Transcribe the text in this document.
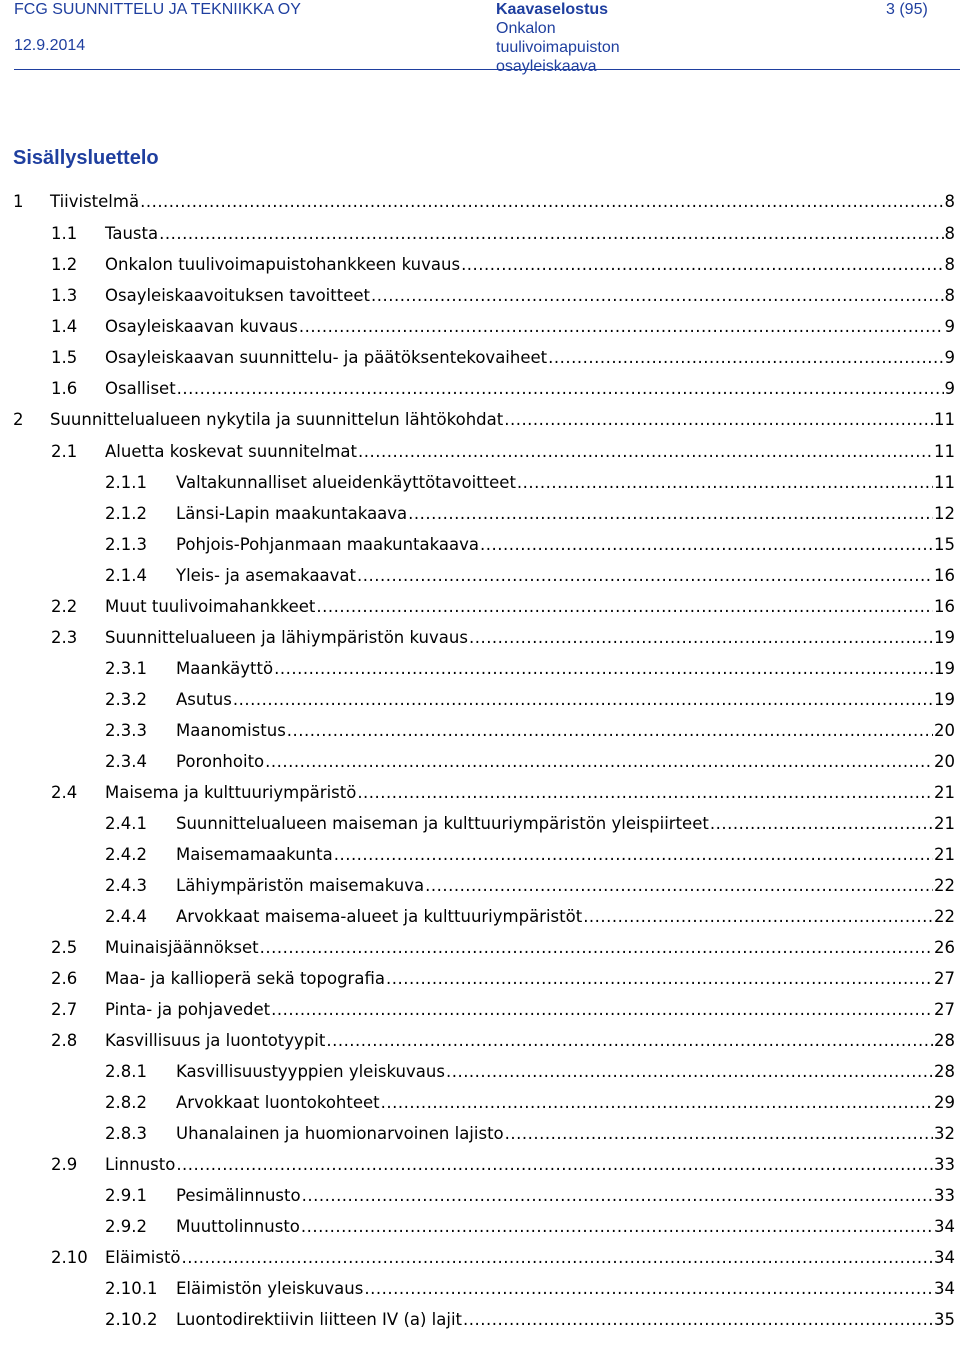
FCG SUUNNITTELU JA TEKNIIKKA OY
12.9.2014
Kaavaselostus
Onkalon
tuulivoimapuiston
osayleiskaava
3 (95)
Sisällysluettelo
1 Tiivistelmä .....	8
1.1 Tausta .....	8
1.2 Onkalon tuulivoimapuistohankkeen kuvaus .....	8
1.3 Osayleiskaavoituksen tavoitteet .....	8
1.4 Osayleiskaavan kuvaus .....	9
1.5 Osayleiskaavan suunnittelu- ja päätöksentekovaiheet .....	9
1.6 Osalliset .....	9
2 Suunnittelualueen nykytila ja suunnittelun lähtökohdat .....	11
2.1 Aluetta koskevat suunnitelmat .....	11
2.1.1 Valtakunnalliset alueidenkäyttötavoitteet .....	11
2.1.2 Länsi-Lapin maakuntakaava .....	12
2.1.3 Pohjois-Pohjanmaan maakuntakaava .....	15
2.1.4 Yleis- ja asemakaavat .....	16
2.2 Muut tuulivoimahankkeet .....	16
2.3 Suunnittelualueen ja lähiympäristön kuvaus .....	19
2.3.1 Maankäyttö .....	19
2.3.2 Asutus .....	19
2.3.3 Maanomistus .....	20
2.3.4 Poronhoito .....	20
2.4 Maisema ja kulttuuriympäristö .....	21
2.4.1 Suunnittelualueen maiseman ja kulttuuriympäristön yleispiirteet .....	21
2.4.2 Maisemamaakunta .....	21
2.4.3 Lähiympäristön maisemakuva .....	22
2.4.4 Arvokkaat maisema-alueet ja kulttuuriympäristöt .....	22
2.5 Muinaisjäännökset .....	26
2.6 Maa- ja kallioperä sekä topografia .....	27
2.7 Pinta- ja pohjavedet .....	27
2.8 Kasvillisuus ja luontotyypit .....	28
2.8.1 Kasvillisuustyyppien yleiskuvaus .....	28
2.8.2 Arvokkaat luontokohteet .....	29
2.8.3 Uhanalainen ja huomionarvoinen lajisto .....	32
2.9 Linnusto .....	33
2.9.1 Pesimälinnusto .....	33
2.9.2 Muuttolinnusto .....	34
2.10 Eläimistö .....	34
2.10.1 Eläimistön yleiskuvaus .....	34
2.10.2 Luontodirektiivin liitteen IV (a) lajit .....	35
